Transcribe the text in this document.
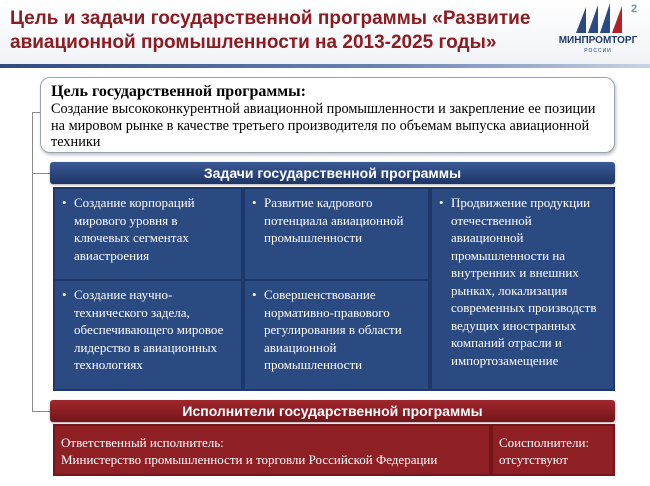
Цель и задачи государственной программы «Развитие
авиационной промышленности на 2013-2025 годы»	МИНПРОМТОРГ
РОССИИ
2
Цель государственной программы:
Создание высококонкурентной авиационной промышленности и закрепление ее позиции на мировом рынке в качестве третьего производителя по объемам выпуска авиационной техники
Задачи государственной программы
• Создание корпораций мирового уровня в ключевых сегментах авиастроения
• Развитие кадрового потенциала авиационной промышленности
• Продвижение продукции отечественной авиационной промышленности на внутренних и внешних рынках, локализация современных производств ведущих иностранных компаний отрасли и импортозамещение
• Создание научно-технического задела, обеспечивающего мировое лидерство в авиационных технологиях
• Совершенствование нормативно-правового регулирования в области авиационной промышленности
Исполнители государственной программы
Ответственный исполнитель:
Министерство промышленности и торговли Российской Федерации
Соисполнители:
отсутствуют
